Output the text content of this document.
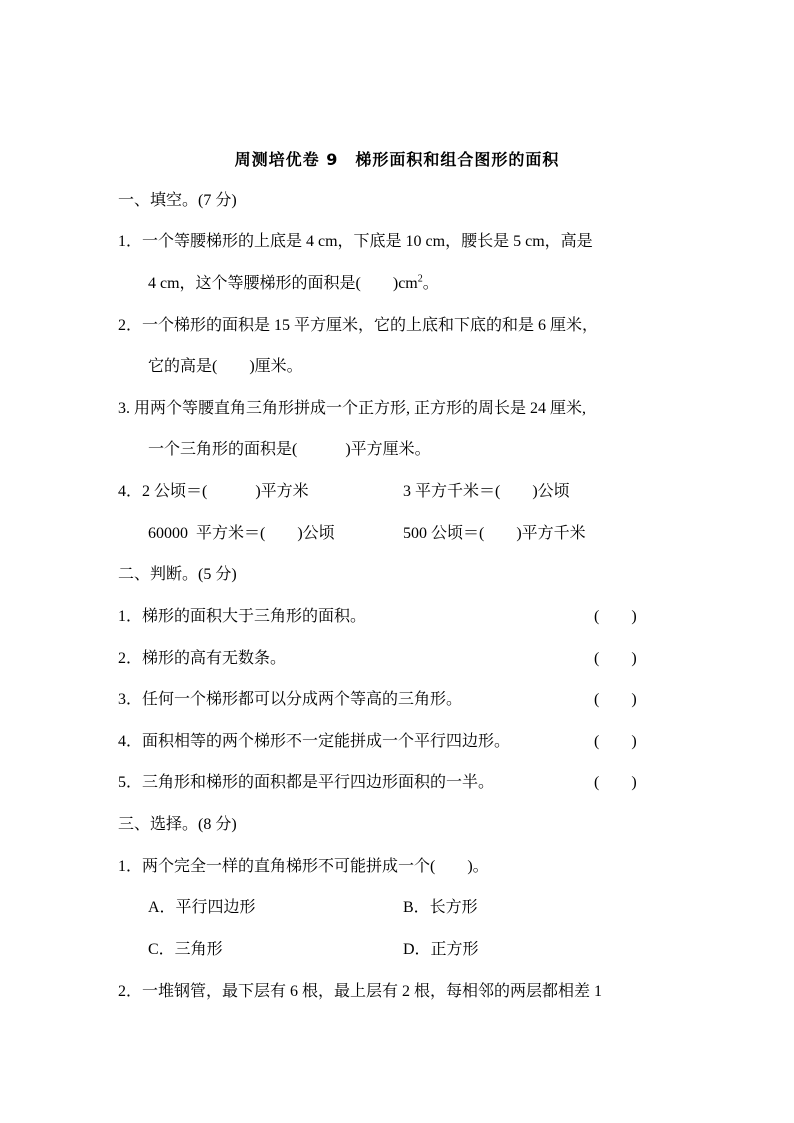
周测培优卷 9　梯形面积和组合图形的面积
一、填空。(7 分)
1．一个等腰梯形的上底是 4 cm，下底是 10 cm，腰长是 5 cm，高是
4 cm，这个等腰梯形的面积是(　　)$cm^2$。
2．一个梯形的面积是 15 平方厘米，它的上底和下底的和是 6 厘米，
它的高是(　　)厘米。
3. 用两个等腰直角三角形拼成一个正方形, 正方形的周长是 24 厘米,
一个三角形的面积是(　　　)平方厘米。
4．2 公顷＝(　　　)平方米	3 平方千米＝(　　)公顷
60000  平方米＝(　　)公顷	500 公顷＝(　　)平方千米
二、判断。(5 分)
1．梯形的面积大于三角形的面积。	(　　)
2．梯形的高有无数条。	(　　)
3．任何一个梯形都可以分成两个等高的三角形。	(　　)
4．面积相等的两个梯形不一定能拼成一个平行四边形。	(　　)
5．三角形和梯形的面积都是平行四边形面积的一半。	(　　)
三、选择。(8 分)
1．两个完全一样的直角梯形不可能拼成一个(　　)。
A．平行四边形	B．长方形
C．三角形	D．正方形
2．一堆钢管，最下层有 6 根，最上层有 2 根，每相邻的两层都相差 1
